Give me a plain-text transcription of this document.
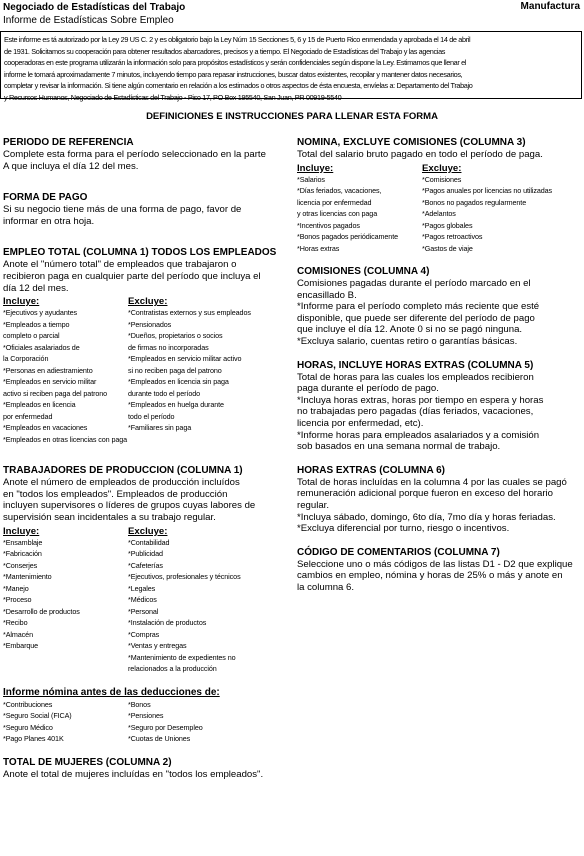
Negociado de Estadísticas del Trabajo
Informe de Estadísticas Sobre Empleo
Manufactura
Este informe es tá autorizado por la Ley 29 US C. 2 y es obligatorio bajo la Ley Núm 15 Secciones 5, 6 y 15 de Puerto Rico enmendada y aprobada el 14 de abril
de 1931. Solicitamos su cooperación para obtener resultados abarcadores, precisos y a tiempo. El Negociado de Estadísticas del Trabajo y las agencias
cooperadoras en este programa utilizarán la información solo para propósitos estadísticos y serán confidenciales según dispone la Ley. Estimamos que llenar el
informe le tomará aproximadamente 7 minutos, incluyendo tiempo para repasar instrucciones, buscar datos existentes, recopilar y mantener datos necesarios,
completar y revisar la información. Si tiene algún comentario en relación a los estimados o otros aspectos de ésta encuesta, envíelas a: Departamento del Trabajo
y Recursos Humanos, Negociado de Estadísticas del Trabajo - Piso 17, PO Box 195540, San Juan, PR 00919-5540
DEFINICIONES E INSTRUCCIONES PARA LLENAR ESTA FORMA
PERIODO DE REFERENCIA
Complete esta forma para el período seleccionado en la parte
A que incluya el día 12 del mes.
FORMA DE PAGO
Si su negocio tiene más de una forma de pago, favor de
informar en otra hoja.
EMPLEO TOTAL (COLUMNA 1) TODOS LOS EMPLEADOS
Anote el "número total" de empleados que trabajaron o
recibieron paga en cualquier parte del período que incluya el
día 12 del mes.
Incluye:
*Ejecutivos y ayudantes
*Empleados a tiempo
completo o parcial
*Oficiales asalariados de
la Corporación
*Personas en adiestramiento
*Empleados en servicio militar
activo si reciben paga del patrono
*Empleados en licencia
por enfermedad
*Empleados en vacaciones
*Empleados en otras licencias con paga
Excluye:
*Contratistas externos y sus empleados
*Pensionados
*Dueños, propietarios o socios
de firmas no incorporadas
*Empleados en servicio militar activo
si no reciben paga del patrono
*Empleados en licencia sin paga
durante todo el período
*Empleados en huelga durante
todo el período
*Familiares sin paga
TRABAJADORES DE PRODUCCION (COLUMNA 1)
Anote el número de empleados de producción incluídos
en "todos los empleados". Empleados de producción
incluyen supervisores o líderes de grupos cuyas labores de
supervisión sean incidentales a su trabajo regular.
Incluye:
*Ensamblaje
*Fabricación
*Conserjes
*Mantenimiento
*Manejo
*Proceso
*Desarrollo de productos
*Recibo
*Almacén
*Embarque
Excluye:
*Contabilidad
*Publicidad
*Cafeterías
*Ejecutivos, profesionales y técnicos
*Legales
*Médicos
*Personal
*Instalación de productos
*Compras
*Ventas y entregas
*Mantenimiento de expedientes no
relacionados a la producción
Informe nómina antes de las deducciones de:
*Contribuciones
*Seguro Social (FICA)
*Seguro Médico
*Pago Planes 401K
*Bonos
*Pensiones
*Seguro por Desempleo
*Cuotas de Uniones
TOTAL DE MUJERES (COLUMNA 2)
Anote el total de mujeres incluídas en "todos los empleados".
NOMINA, EXCLUYE COMISIONES (COLUMNA 3)
Total del salario bruto pagado en todo el período de paga.
Incluye:
*Salarios
*Días feriados, vacaciones,
licencia por enfermedad
y otras licencias con paga
*Incentivos pagados
*Bonos pagados periódicamente
*Horas extras
Excluye:
*Comisiones
*Pagos anuales por licencias no utilizadas
*Bonos no pagados regularmente
*Adelantos
*Pagos globales
*Pagos retroactivos
*Gastos de viaje
COMISIONES (COLUMNA 4)
Comisiones pagadas durante el período marcado en el
encasillado B.
*Informe para el período completo más reciente que esté
disponible, que puede ser diferente del período de pago
que incluye el día 12. Anote 0 si no se pagó ninguna.
*Excluya salario, cuentas retiro o garantías básicas.
HORAS, INCLUYE HORAS EXTRAS (COLUMNA 5)
Total de horas para las cuales los empleados recibieron
paga durante el período de pago.
*Incluya horas extras, horas por tiempo en espera y horas
no trabajadas pero pagadas (días feriados, vacaciones,
licencia por enfermedad, etc).
*Informe horas para empleados asalariados y a comisión
sob basados en una semana normal de trabajo.
HORAS EXTRAS (COLUMNA 6)
Total de horas incluídas en la columna 4 por las cuales se pagó
remuneración adicional porque fueron en exceso del horario
regular.
*Incluya sábado, domingo, 6to día, 7mo día y horas feriadas.
*Excluya diferencial por turno, riesgo o incentivos.
CÓDIGO DE COMENTARIOS (COLUMNA 7)
Seleccione uno o más códigos de las listas D1 - D2 que explique
cambios en empleo, nómina y horas de 25% o más y anote en
la columna 6.
